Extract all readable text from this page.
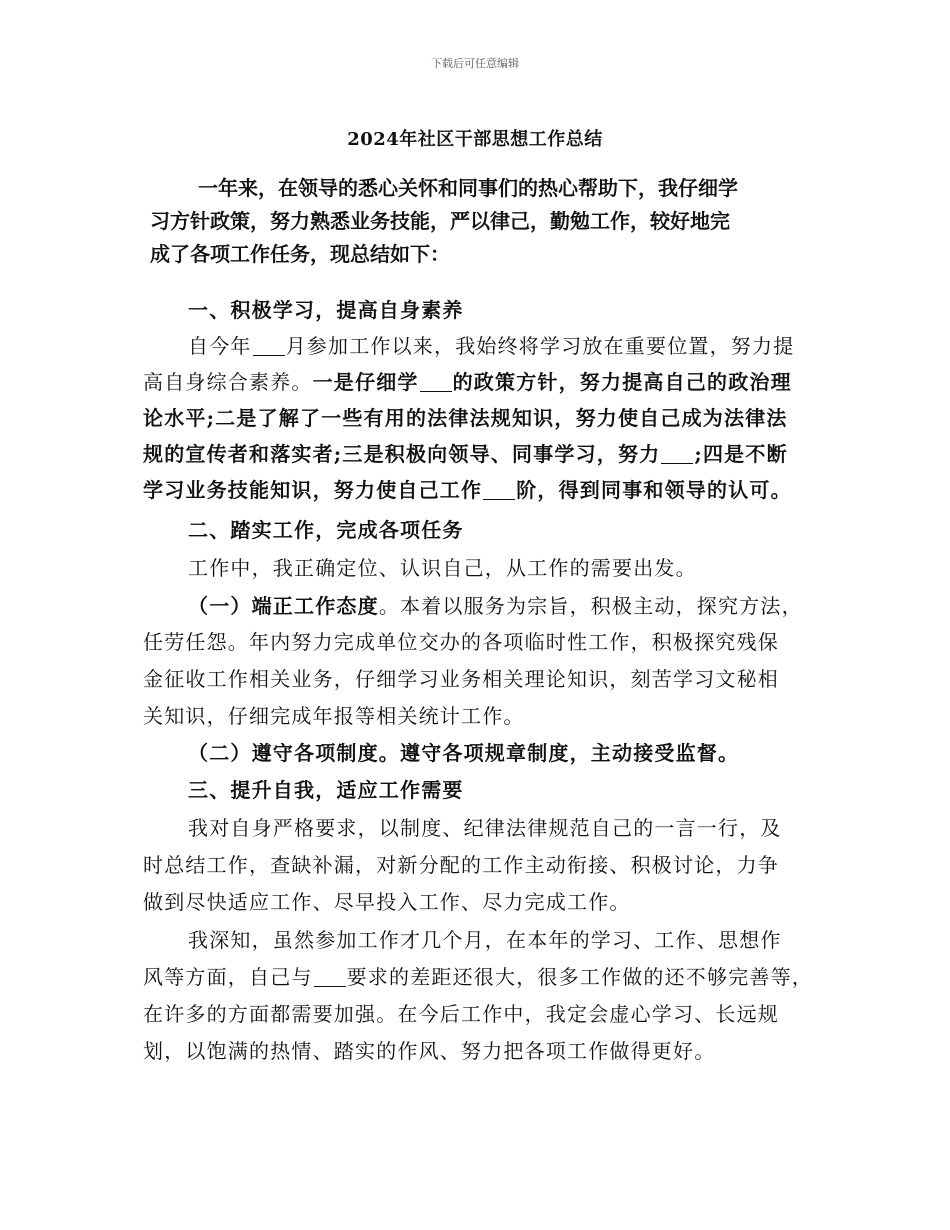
下载后可任意编辑
2024年社区干部思想工作总结
一年来，在领导的悉心关怀和同事们的热心帮助下，我仔细学
习方针政策，努力熟悉业务技能，严以律己，勤勉工作，较好地完
成了各项工作任务，现总结如下：
一、积极学习，提高自身素养
自今年 月参加工作以来，我始终将学习放在重要位置，努力提
高自身综合素养。一是仔细学 的政策方针，努力提高自己的政治理
论水平;二是了解了一些有用的法律法规知识，努力使自己成为法律法
规的宣传者和落实者;三是积极向领导、同事学习，努力 ;四是不断
学习业务技能知识，努力使自己工作 阶，得到同事和领导的认可。
二、踏实工作，完成各项任务
工作中，我正确定位、认识自己，从工作的需要出发。
（一）端正工作态度。本着以服务为宗旨，积极主动，探究方法，
任劳任怨。年内努力完成单位交办的各项临时性工作，积极探究残保
金征收工作相关业务，仔细学习业务相关理论知识，刻苦学习文秘相
关知识，仔细完成年报等相关统计工作。
（二）遵守各项制度。遵守各项规章制度，主动接受监督。
三、提升自我，适应工作需要
我对自身严格要求，以制度、纪律法律规范自己的一言一行，及
时总结工作，查缺补漏，对新分配的工作主动衔接、积极讨论，力争
做到尽快适应工作、尽早投入工作、尽力完成工作。
我深知，虽然参加工作才几个月，在本年的学习、工作、思想作
风等方面，自己与 要求的差距还很大，很多工作做的还不够完善等，
在许多的方面都需要加强。在今后工作中，我定会虚心学习、长远规
划，以饱满的热情、踏实的作风、努力把各项工作做得更好。
